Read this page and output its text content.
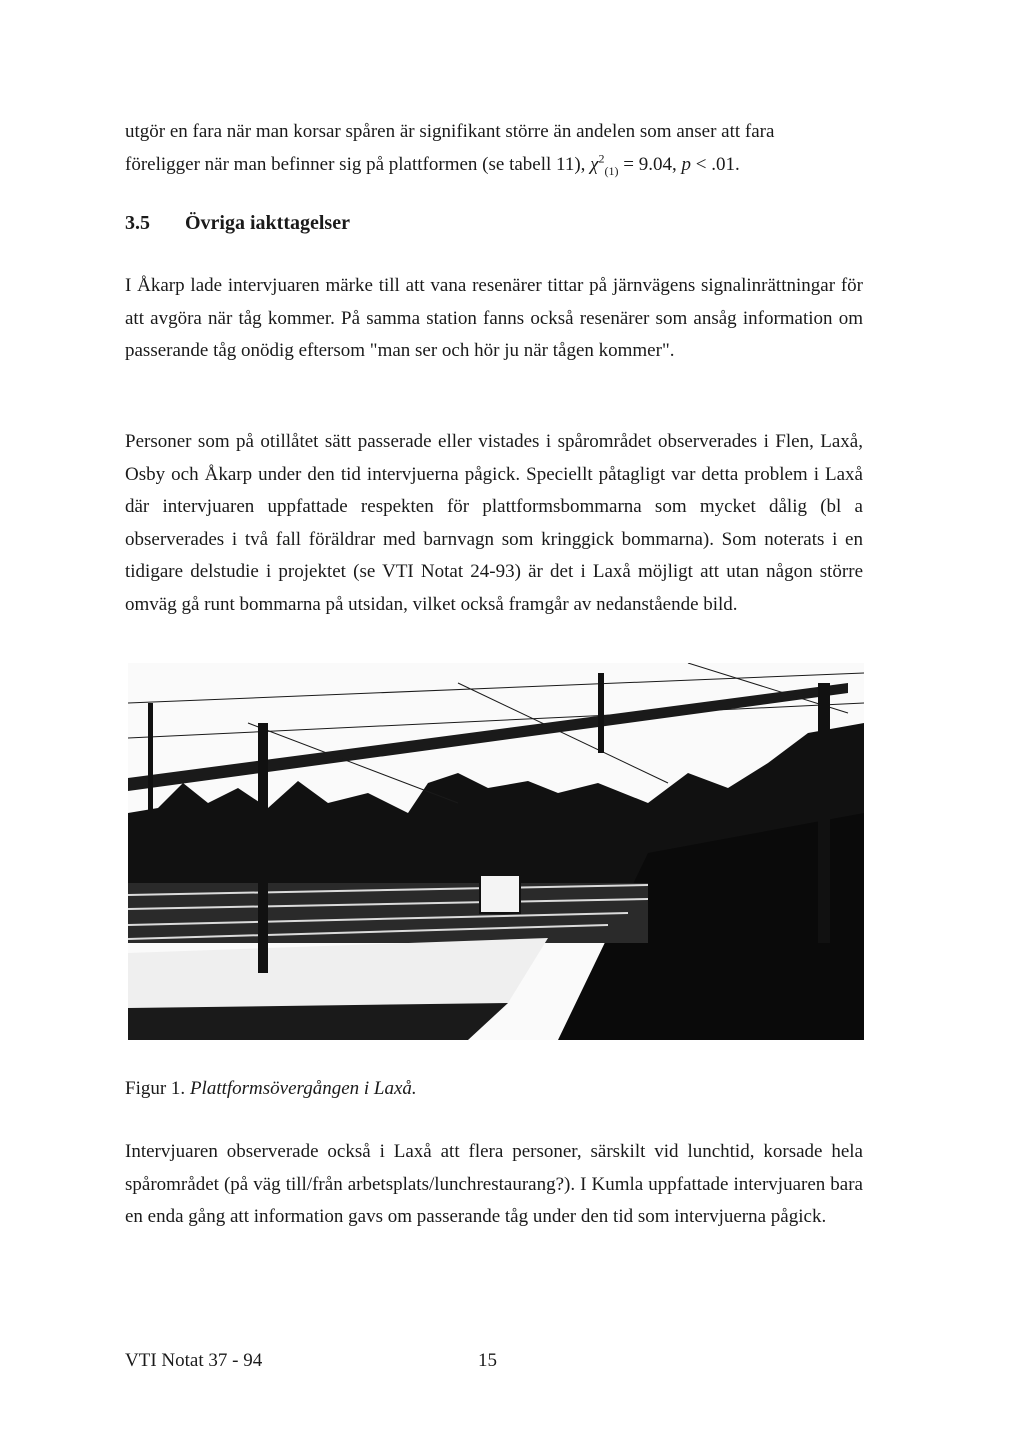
utgör en fara när man korsar spåren är signifikant större än andelen som anser att fara
föreligger när man befinner sig på plattformen (se tabell 11), $\chi^2_{(1)} = 9.04$, p < .01.

3.5 Övriga iakttagelser

I Åkarp lade intervjuaren märke till att vana resenärer tittar på järnvägens signalinrättningar för att avgöra när tåg kommer. På samma station fanns också resenärer som ansåg information om passerande tåg onödig eftersom "man ser och hör ju när tågen kommer".

Personer som på otillåtet sätt passerade eller vistades i spårområdet observerades i Flen, Laxå, Osby och Åkarp under den tid intervjuerna pågick. Speciellt påtagligt var detta problem i Laxå där intervjuaren uppfattade respekten för plattformsbommarna som mycket dålig (bl a observerades i två fall föräldrar med barnvagn som kringgick bommarna). Som noterats i en tidigare delstudie i projektet (se VTI Notat 24-93) är det i Laxå möjligt att utan någon större omväg gå runt bommarna på utsidan, vilket också framgår av nedanstående bild.

Figur 1. Plattformsövergången i Laxå.

Intervjuaren observerade också i Laxå att flera personer, särskilt vid lunchtid, korsade hela spårområdet (på väg till/från arbetsplats/lunchrestaurang?). I Kumla uppfattade intervjuaren bara en enda gång att information gavs om passerande tåg under den tid som intervjuerna pågick.

VTI Notat 37 - 94	15
